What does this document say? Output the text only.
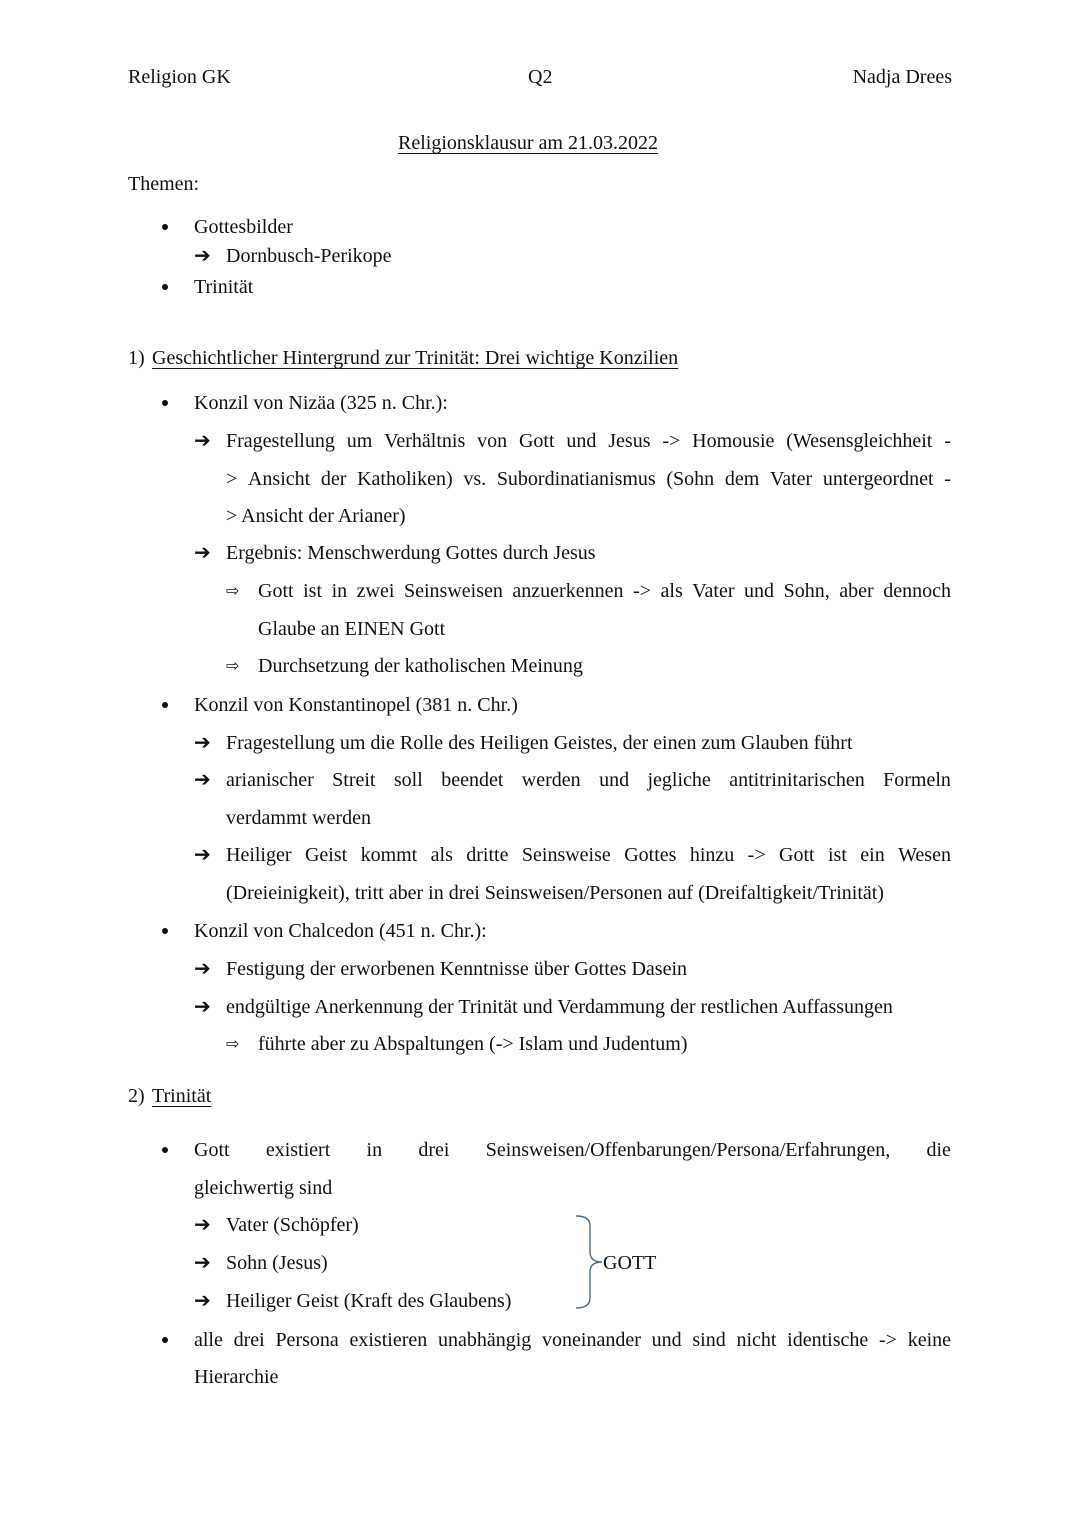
Religion GK	Q2	Nadja Drees
Religionsklausur am 21.03.2022
Themen:
Gottesbilder
➔ Dornbusch-Perikope
Trinität
1) Geschichtlicher Hintergrund zur Trinität: Drei wichtige Konzilien
Konzil von Nizäa (325 n. Chr.):
➔ Fragestellung um Verhältnis von Gott und Jesus -> Homousie (Wesensgleichheit -
> Ansicht der Katholiken) vs. Subordinatianismus (Sohn dem Vater untergeordnet -
> Ansicht der Arianer)
➔ Ergebnis: Menschwerdung Gottes durch Jesus
⇨ Gott ist in zwei Seinsweisen anzuerkennen -> als Vater und Sohn, aber dennoch
Glaube an EINEN Gott
⇨ Durchsetzung der katholischen Meinung
Konzil von Konstantinopel (381 n. Chr.)
➔ Fragestellung um die Rolle des Heiligen Geistes, der einen zum Glauben führt
➔ arianischer Streit soll beendet werden und jegliche antitrinitarischen Formeln
verdammt werden
➔ Heiliger Geist kommt als dritte Seinsweise Gottes hinzu -> Gott ist ein Wesen
(Dreieinigkeit), tritt aber in drei Seinsweisen/Personen auf (Dreifaltigkeit/Trinität)
Konzil von Chalcedon (451 n. Chr.):
➔ Festigung der erworbenen Kenntnisse über Gottes Dasein
➔ endgültige Anerkennung der Trinität und Verdammung der restlichen Auffassungen
⇨ führte aber zu Abspaltungen (-> Islam und Judentum)
2) Trinität
Gott existiert in drei Seinsweisen/Offenbarungen/Persona/Erfahrungen, die
gleichwertig sind
➔ Vater (Schöpfer)
➔ Sohn (Jesus)
➔ Heiliger Geist (Kraft des Glaubens)
GOTT
alle drei Persona existieren unabhängig voneinander und sind nicht identische -> keine
Hierarchie
